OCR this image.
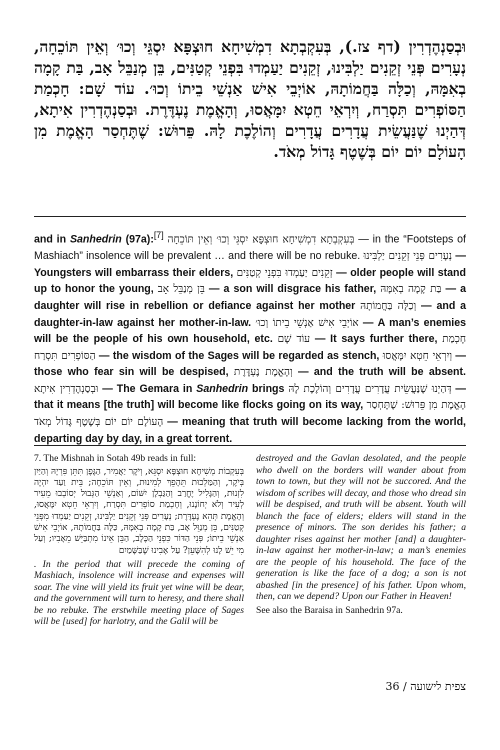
וּבְסַנְהֶדְרִין (דף צז.), בְּעִקְבְתָא דִמְשִׁיחָא חוּצְפָּא יִסְגֵּי וְכוּ׳ וְאֵין תּוֹכֵחָה, נְעָרִים פְּנֵי זְקֵנִים יַלְבִּינוּ, זְקֵנִים יַעַמְדוּ בִּפְנֵי קְטַנִּים, בֵּן מְנַבֵּל אָב, בַּת קָמָה בְאִמָּהּ, וְכַלָּה בַּחֲמוֹתָהּ, אוֹיְבֵי אִישׁ אַנְשֵׁי בֵיתוֹ וְכוּ׳. עוֹד שָׁם: חָכְמַת הַסּוֹפְרִים תִּסְרַח, וְיִרְאֵי חֵטְא יִמָּאֲסוּ, וְהָאֱמֶת נֶעְדֶּרֶת. וּבְסַנְהֶדְרִין אִיתָא, דְּהַיְנוּ שֶׁנַּעֲשֵׂית עֲדָרִים עֲדָרִים וְהוֹלֶכֶת לָהּ. פֵּרוּשׁ: שֶׁתֶּחְסַר הָאֱמֶת מִן הָעוֹלָם יוֹם יוֹם בְּשֶׁטֶף גָּדוֹל מְאֹד.

and in Sanhedrin (97a):[7] בְּעִקְבְתָא דִמְשִׁיחָא חוּצְפָּא יִסְגֵּי וְכוּ׳ וְאֵין תּוֹכֵחָה — in the “Footsteps of Mashiach” insolence will be prevalent … and there will be no rebuke. נְעָרִים פְּנֵי זְקֵנִים יַלְבִּינוּ — Youngsters will embarrass their elders, זְקֵנִים יַעַמְדוּ בִּפְנֵי קְטַנִּים — older people will stand up to honor the young, בֵּן מְנַבֵּל אָב — a son will disgrace his father, בַּת קָמָה בְאִמָּהּ — a daughter will rise in rebellion or defiance against her mother וְכַלָּה בַּחֲמוֹתָהּ — and a daughter-in-law against her mother-in-law. אוֹיְבֵי אִישׁ אַנְשֵׁי בֵיתוֹ וְכוּ׳ — A man’s enemies will be the people of his own household, etc. עוֹד שָׁם — It says further there, חָכְמַת הַסּוֹפְרִים תִּסְרַח — the wisdom of the Sages will be regarded as stench, וְיִרְאֵי חֵטְא יִמָּאֲסוּ — those who fear sin will be despised, וְהָאֱמֶת נֶעְדֶּרֶת — and the truth will be absent. וּבְסַנְהֶדְרִין אִיתָא — The Gemara in Sanhedrin brings דְּהַיְנוּ שֶׁנַּעֲשֵׂית עֲדָרִים עֲדָרִים וְהוֹלֶכֶת לָהּ — that it means [the truth] will become like flocks going on its way, פֵּרוּשׁ: שֶׁתֶּחְסַר הָאֱמֶת מִן הָעוֹלָם יוֹם יוֹם בְּשֶׁטֶף גָּדוֹל מְאֹד — meaning that truth will become lacking from the world, departing day by day, in a great torrent.

7. The Mishnah in Sotah 49b reads in full:

בְּעִקְבוֹת מְשִׁיחָא חוּצְפָּא יִסְגֵּא, וְיֹקֶר יַאֲמִיר, הַגֶּפֶן תִּתֵּן פִּרְיָהּ וְהַיַּיִן בְּיֹקֶר, וְהַמַּלְכוּת תֵּהָפֵךְ לְמִינוּת, וְאֵין תּוֹכֵחָה; בֵּית וַעַד יִהְיֶה לִזְנוּת, וְהַגָּלִיל יֶחֱרַב וְהַגַּבְלָן יִשּׁוֹם, וְאַנְשֵׁי הַגְּבוּל יְסוֹבְבוּ מֵעִיר לְעִיר וְלֹא יְחוֹנָנוּ, וְחָכְמַת סוֹפְרִים תִּסְרַח, וְיִרְאֵי חֵטְא יִמָּאֲסוּ, וְהָאֱמֶת תְּהֵא נֶעְדֶּרֶת; נְעָרִים פְּנֵי זְקֵנִים יַלְבִּינוּ, זְקֵנִים יַעַמְדוּ מִפְּנֵי קְטַנִּים, בֵּן מְנַוֵּל אָב, בַּת קָמָה בְאִמָּהּ, כַּלָּה בַּחֲמוֹתָהּ, אוֹיְבֵי אִישׁ אַנְשֵׁי בֵיתוֹ; פְּנֵי הַדּוֹר כִּפְנֵי הַכֶּלֶב, הַבֵּן אֵינוֹ מִתְבַּיֵּשׁ מֵאָבִיו; וְעַל מִי יֵשׁ לָנוּ לְהִשָּׁעֵן? עַל אָבִינוּ שֶׁבַּשָּׁמַיִם

. In the period that will precede the coming of Mashiach, insolence will increase and expenses will soar. The vine will yield its fruit yet wine will be dear, and the government will turn to heresy, and there shall be no rebuke. The erstwhile meeting place of Sages will be [used] for harlotry, and the Galil will be

destroyed and the Gavlan desolated, and the people who dwell on the borders will wander about from town to town, but they will not be succored. And the wisdom of scribes will decay, and those who dread sin will be despised, and truth will be absent. Youth will blanch the face of elders; elders will stand in the presence of minors. The son derides his father; a daughter rises against her mother [and] a daughter-in-law against her mother-in-law; a man’s enemies are the people of his household. The face of the generation is like the face of a dog; a son is not abashed [in the presence] of his father. Upon whom, then, can we depend? Upon our Father in Heaven!

See also the Baraisa in Sanhedrin 97a.

צפית לישועה / 36
